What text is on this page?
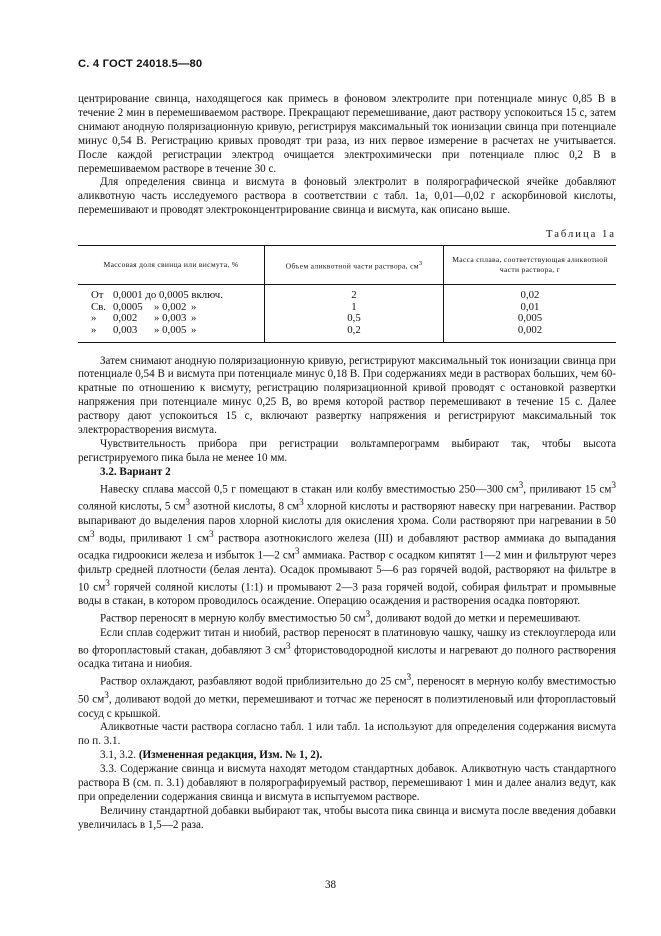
С. 4 ГОСТ 24018.5—80

центрирование свинца, находящегося как примесь в фоновом электролите при потенциале минус 0,85 В в течение 2 мин в перемешиваемом растворе. Прекращают перемешивание, дают раствору успокоиться 15 с, затем снимают анодную поляризационную кривую, регистрируя максимальный ток ионизации свинца при потенциале минус 0,54 В. Регистрацию кривых проводят три раза, из них первое измерение в расчетах не учитывается. После каждой регистрации электрод очищается электрохимически при потенциале плюс 0,2 В в перемешиваемом растворе в течение 30 с.

Для определения свинца и висмута в фоновый электролит в полярографической ячейке добавляют аликвотную часть исследуемого раствора в соответствии с табл. 1а, 0,01—0,02 г аскорбиновой кислоты, перемешивают и проводят электроконцентрирование свинца и висмута, как описано выше.

Таблица 1а
Массовая доля свинца или висмута, %	Объем аликвотной части раствора, $см^3$	Масса сплава, соответствующая аликвотной части раствора, г
От 0,0001 до 0,0005 включ.	2	0,02
Св. 0,0005 » 0,002 »	1	0,01
» 0,002 » 0,003 »	0,5	0,005
» 0,003 » 0,005 »	0,2	0,002

Затем снимают анодную поляризационную кривую, регистрируют максимальный ток ионизации свинца при потенциале 0,54 В и висмута при потенциале минус 0,18 В. При содержаниях меди в растворах больших, чем 60-кратные по отношению к висмуту, регистрацию поляризационной кривой проводят с остановкой развертки напряжения при потенциале минус 0,25 В, во время которой раствор перемешивают в течение 15 с. Далее раствору дают успокоиться 15 с, включают развертку напряжения и регистрируют максимальный ток электрорастворения висмута.

Чувствительность прибора при регистрации вольтамперограмм выбирают так, чтобы высота регистрируемого пика была не менее 10 мм.

3.2. Вариант 2

Навеску сплава массой 0,5 г помещают в стакан или колбу вместимостью 250—300 $см^3$, приливают 15 $см^3$ соляной кислоты, 5 $см^3$ азотной кислоты, 8 $см^3$ хлорной кислоты и растворяют навеску при нагревании. Раствор выпаривают до выделения паров хлорной кислоты для окисления хрома. Соли растворяют при нагревании в 50 $см^3$ воды, приливают 1 $см^3$ раствора азотнокислого железа (III) и добавляют раствор аммиака до выпадания осадка гидроокиси железа и избыток 1—2 $см^3$ аммиака. Раствор с осадком кипятят 1—2 мин и фильтруют через фильтр средней плотности (белая лента). Осадок промывают 5—6 раз горячей водой, растворяют на фильтре в 10 $см^3$ горячей соляной кислоты (1:1) и промывают 2—3 раза горячей водой, собирая фильтрат и промывные воды в стакан, в котором проводилось осаждение. Операцию осаждения и растворения осадка повторяют.

Раствор переносят в мерную колбу вместимостью 50 $см^3$, доливают водой до метки и перемешивают.

Если сплав содержит титан и ниобий, раствор переносят в платиновую чашку, чашку из стеклоуглерода или во фторопластовый стакан, добавляют 3 $см^3$ фтористоводородной кислоты и нагревают до полного растворения осадка титана и ниобия.

Раствор охлаждают, разбавляют водой приблизительно до 25 $см^3$, переносят в мерную колбу вместимостью 50 $см^3$, доливают водой до метки, перемешивают и тотчас же переносят в полиэтиленовый или фторопластовый сосуд с крышкой.

Аликвотные части раствора согласно табл. 1 или табл. 1а используют для определения содержания висмута по п. 3.1.

3.1, 3.2. (Измененная редакция, Изм. № 1, 2).

3.3. Содержание свинца и висмута находят методом стандартных добавок. Аликвотную часть стандартного раствора В (см. п. 3.1) добавляют в полярографируемый раствор, перемешивают 1 мин и далее анализ ведут, как при определении содержания свинца и висмута в испытуемом растворе.

Величину стандартной добавки выбирают так, чтобы высота пика свинца и висмута после введения добавки увеличилась в 1,5—2 раза.

38
